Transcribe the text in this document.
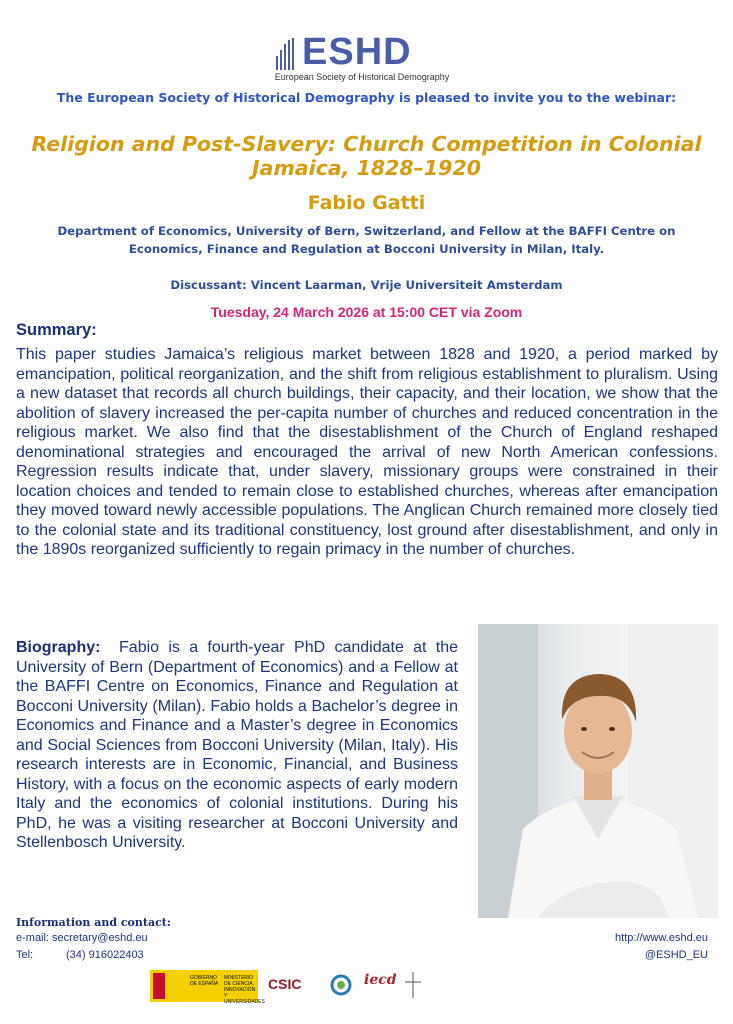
ESHD
European Society of Historical Demography
The European Society of Historical Demography is pleased to invite you to the webinar:
Religion and Post-Slavery: Church Competition in Colonial Jamaica, 1828–1920
Fabio Gatti
Department of Economics, University of Bern, Switzerland, and Fellow at the BAFFI Centre on Economics, Finance and Regulation at Bocconi University in Milan, Italy.
Discussant: Vincent Laarman, Vrije Universiteit Amsterdam
Tuesday, 24 March 2026 at 15:00 CET via Zoom
Summary:

This paper studies Jamaica’s religious market between 1828 and 1920, a period marked by emancipation, political reorganization, and the shift from religious establishment to pluralism. Using a new dataset that records all church buildings, their capacity, and their location, we show that the abolition of slavery increased the per-capita number of churches and reduced concentration in the religious market. We also find that the disestablishment of the Church of England reshaped denominational strategies and encouraged the arrival of new North American confessions. Regression results indicate that, under slavery, missionary groups were constrained in their location choices and tended to remain close to established churches, whereas after emancipation they moved toward newly accessible populations. The Anglican Church remained more closely tied to the colonial state and its traditional constituency, lost ground after disestablishment, and only in the 1890s reorganized sufficiently to regain primacy in the number of churches.

Biography: Fabio is a fourth-year PhD candidate at the University of Bern (Department of Economics) and a Fellow at the BAFFI Centre on Economics, Finance and Regulation at Bocconi University (Milan). Fabio holds a Bachelor’s degree in Economics and Finance and a Master’s degree in Economics and Social Sciences from Bocconi University (Milan, Italy). His research interests are in Economic, Financial, and Business History, with a focus on the economic aspects of early modern Italy and the economics of colonial institutions. During his PhD, he was a visiting researcher at Bocconi University and Stellenbosch University.

Information and contact:
e-mail: secretary@eshd.eu
Tel:	(34) 916022403
http://www.eshd.eu
@ESHD_EU
GOBIERNO DE ESPAÑA
MINISTERIO DE CIENCIA, INNOVACIÓN Y UNIVERSIDADES
CSIC	iecd
